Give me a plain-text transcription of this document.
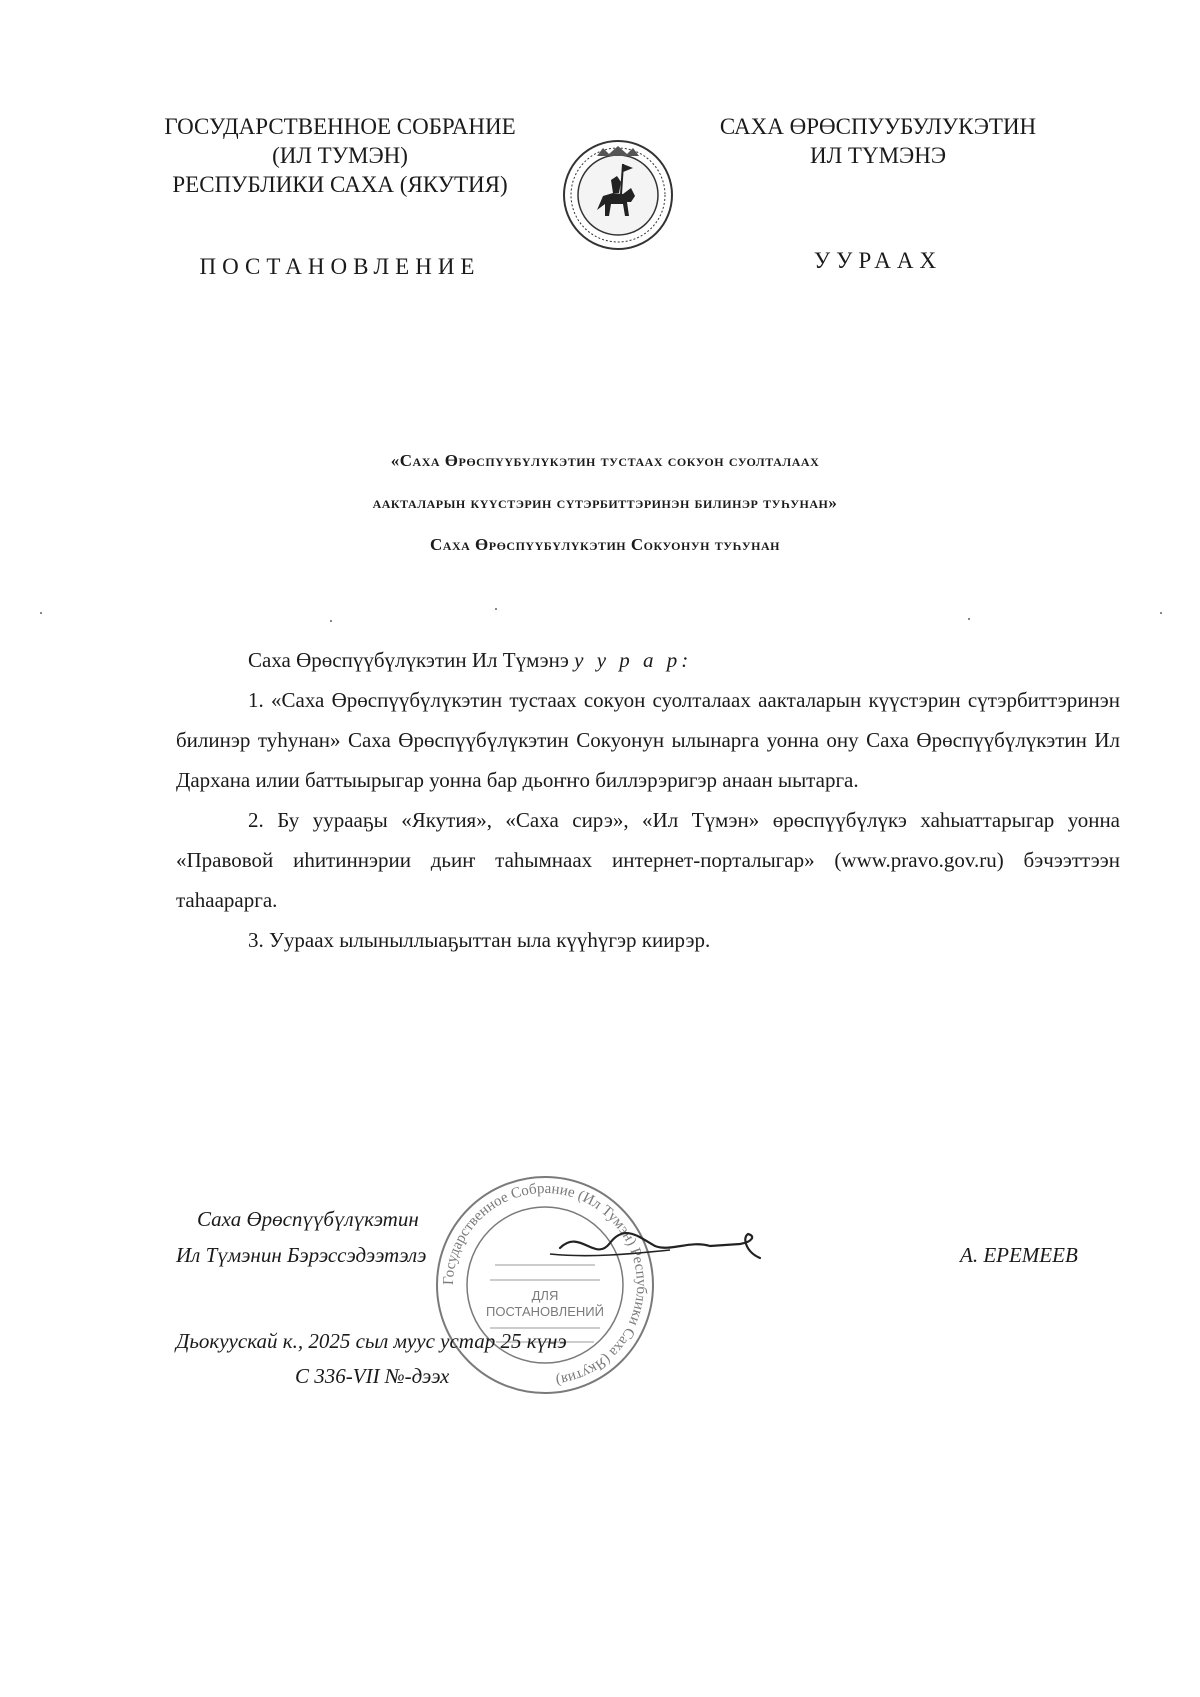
ГОСУДАРСТВЕННОЕ СОБРАНИЕ
(ИЛ ТУМЭН)
РЕСПУБЛИКИ САХА (ЯКУТИЯ)
САХА ӨРӨСПУУБУЛУКЭТИН
ИЛ ТҮМЭНЭ
ПОСТАНОВЛЕНИЕ	УУРААХ
«Саха Өрөспүүбүлүкэтин тустаах сокуон суолталаах
аакталарын күүстэрин сүтэрбиттэринэн билинэр туһунан»
Саха Өрөспүүбүлүкэтин Сокуонун туһунан

Саха Өрөспүүбүлүкэтин Ил Түмэнэ у у р а р:

1. «Саха Өрөспүүбүлүкэтин тустаах сокуон суолталаах аакталарын күүстэрин сүтэрбиттэринэн билинэр туһунан» Саха Өрөспүүбүлүкэтин Сокуонун ылынарга уонна ону Саха Өрөспүүбүлүкэтин Ил Дархана илии баттыырыгар уонна бар дьоҥҥо биллэрэригэр анаан ыытарга.

2. Бу уурааҕы «Якутия», «Саха сирэ», «Ил Түмэн» өрөспүүбүлүкэ хаһыаттарыгар уонна «Правовой иһитиннэрии дьиҥ таһымнаах интернет-порталыгар» (www.pravo.gov.ru) бэчээттээн таһаарарга.

3. Уураах ылыныллыаҕыттан ыла күүһүгэр киирэр.

Государственное Собрание (Ил Тумэн) Республики Саха (Якутия)
ДЛЯ
ПОСТАНОВЛЕНИЙ
Саха Өрөспүүбүлүкэтин
Ил Түмэнин Бэрэссэдээтэлэ	А. ЕРЕМЕЕВ
Дьокуускай к., 2025 сыл муус устар 25 күнэ
С 336-VII №-дээх
